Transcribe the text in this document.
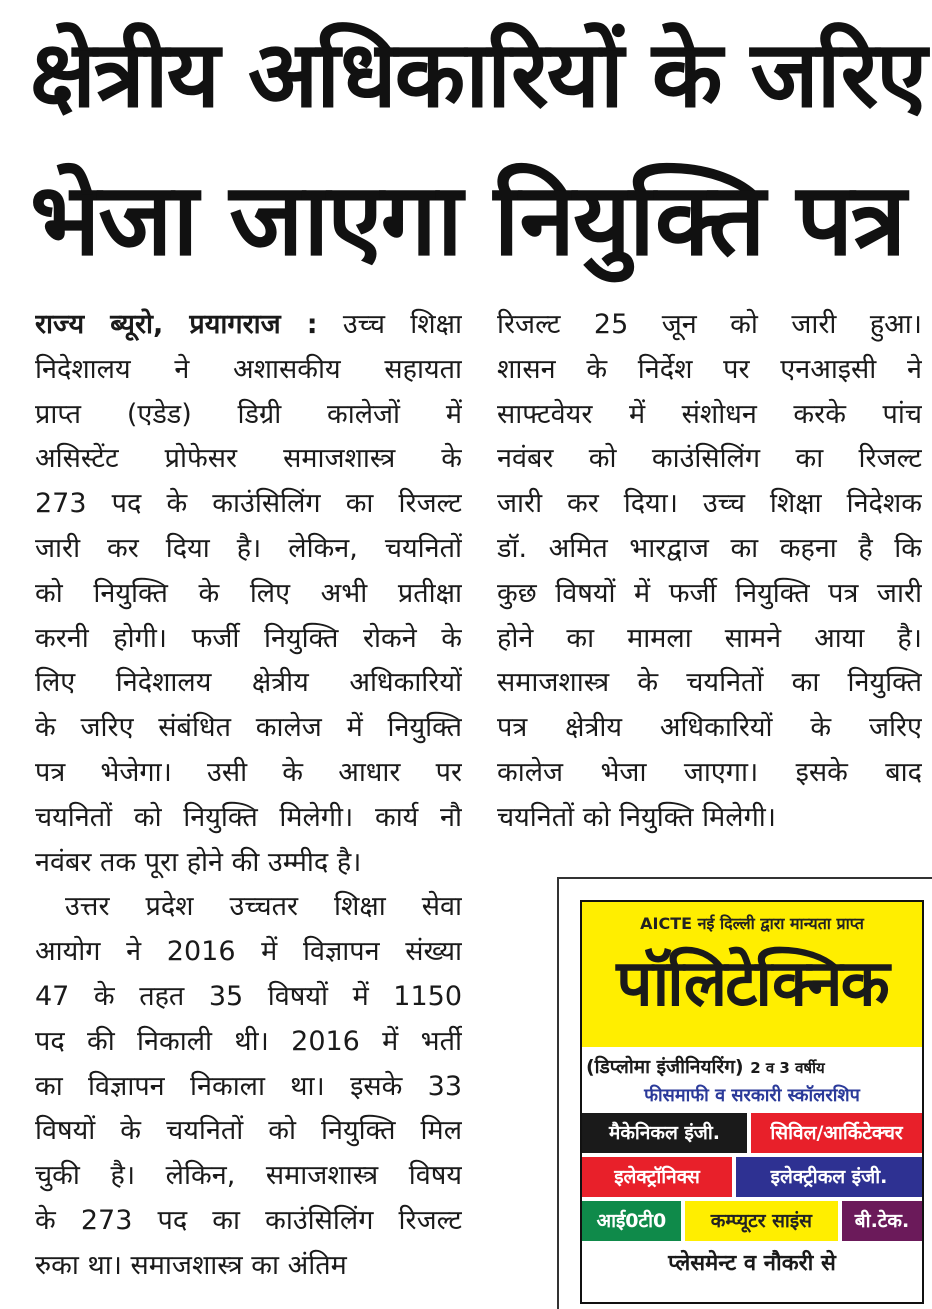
क्षेत्रीय अधिकारियों के जरिए
भेजा जाएगा नियुक्ति पत्र
राज्य ब्यूरो, प्रयागराज : उच्च शिक्षा
निदेशालय ने अशासकीय सहायता
प्राप्त (एडेड) डिग्री कालेजों में
असिस्टेंट प्रोफेसर समाजशास्त्र के
273 पद के काउंसिलिंग का रिजल्ट
जारी कर दिया है। लेकिन, चयनितों
को नियुक्ति के लिए अभी प्रतीक्षा
करनी होगी। फर्जी नियुक्ति रोकने के
लिए निदेशालय क्षेत्रीय अधिकारियों
के जरिए संबंधित कालेज में नियुक्ति
पत्र भेजेगा। उसी के आधार पर
चयनितों को नियुक्ति मिलेगी। कार्य नौ
नवंबर तक पूरा होने की उम्मीद है।
उत्तर प्रदेश उच्चतर शिक्षा सेवा
आयोग ने 2016 में विज्ञापन संख्या
47 के तहत 35 विषयों में 1150
पद की निकाली थी। 2016 में भर्ती
का विज्ञापन निकाला था। इसके 33
विषयों के चयनितों को नियुक्ति मिल
चुकी है। लेकिन, समाजशास्त्र विषय
के 273 पद का काउंसिलिंग रिजल्ट
रुका था। समाजशास्त्र का अंतिम
रिजल्ट 25 जून को जारी हुआ।
शासन के निर्देश पर एनआइसी ने
साफ्टवेयर में संशोधन करके पांच
नवंबर को काउंसिलिंग का रिजल्ट
जारी कर दिया। उच्च शिक्षा निदेशक
डॉ. अमित भारद्वाज का कहना है कि
कुछ विषयों में फर्जी नियुक्ति पत्र जारी
होने का मामला सामने आया है।
समाजशास्त्र के चयनितों का नियुक्ति
पत्र क्षेत्रीय अधिकारियों के जरिए
कालेज भेजा जाएगा। इसके बाद
चयनितों को नियुक्ति मिलेगी।
AICTE नई दिल्ली द्वारा मान्यता प्राप्त
पॉलिटेक्निक
(डिप्लोमा इंजीनियरिंग) 2 व 3 वर्षीय
फीसमाफी व सरकारी स्कॉलरशिप
मैकेनिकल इंजी.	सिविल/आर्किटेक्चर
इलेक्ट्रॉनिक्स	इलेक्ट्रीकल इंजी.
आई0टी0	कम्प्यूटर साइंस	बी.टेक.
प्लेसमेन्ट व नौकरी से
